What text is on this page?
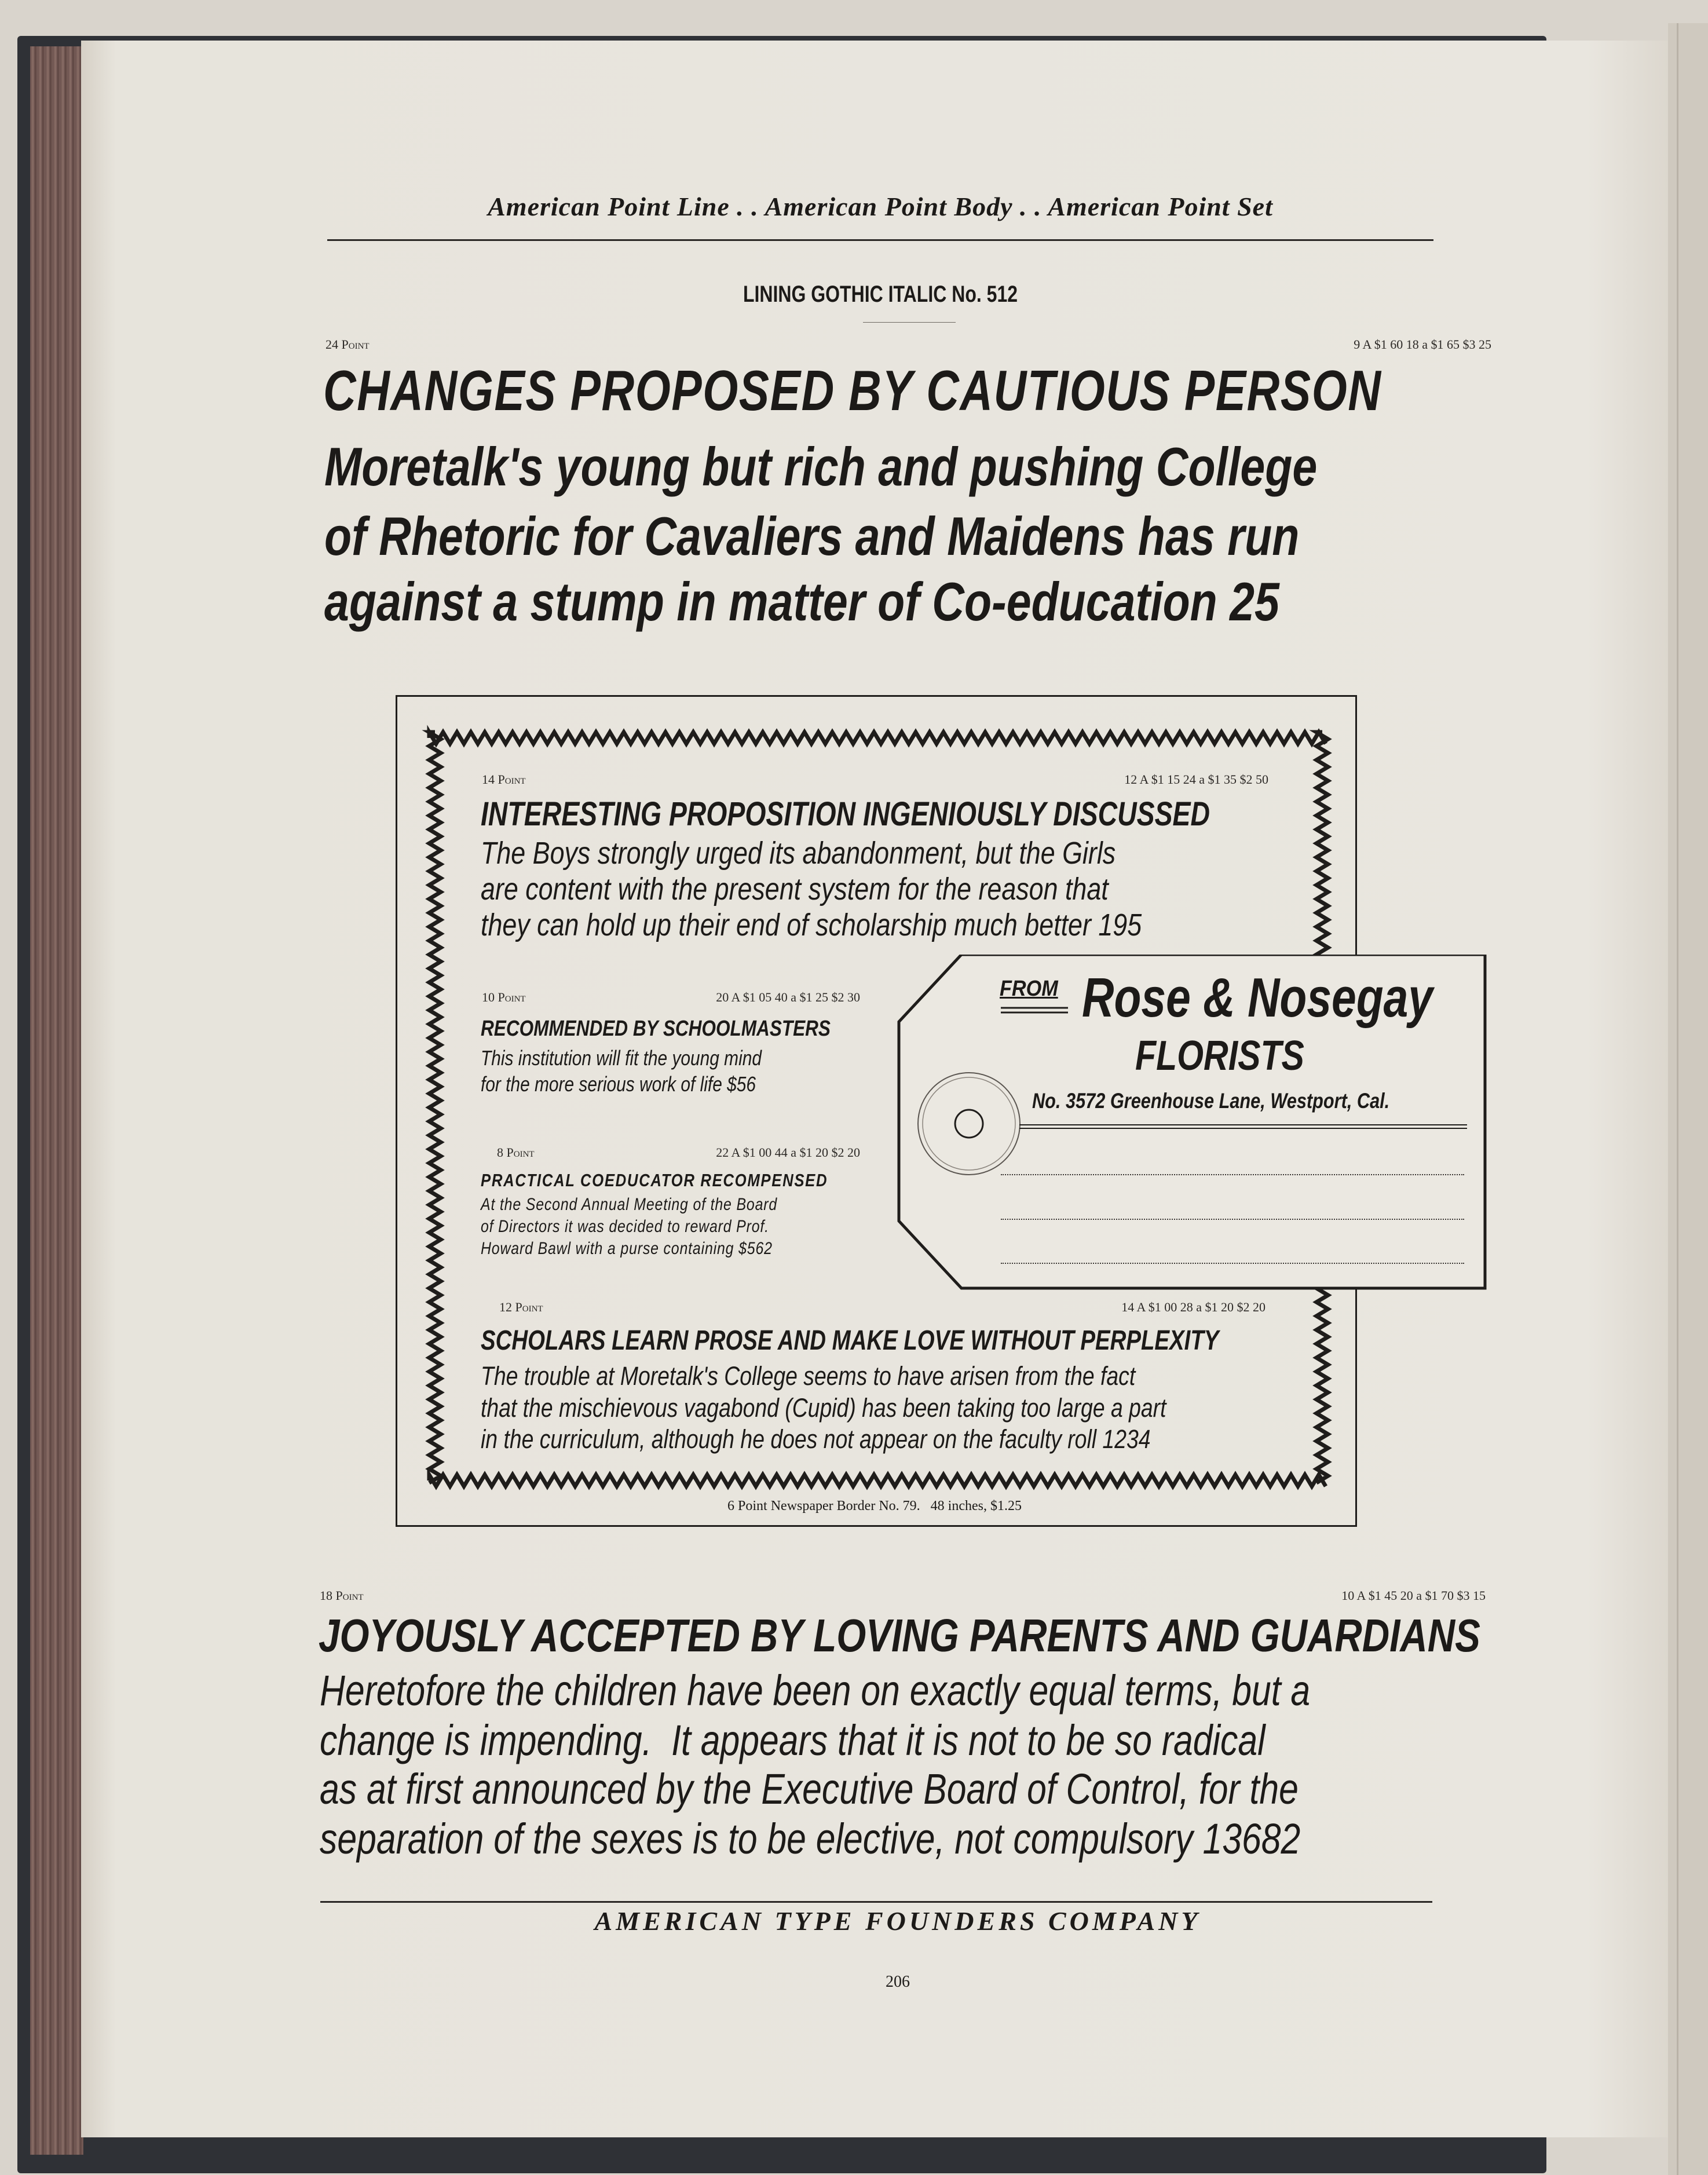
American Point Line . . American Point Body . . American Point Set
LINING GOTHIC ITALIC No. 512
24 Point	9 A $1 60 18 a $1 65 $3 25
CHANGES PROPOSED BY CAUTIOUS PERSON
Moretalk's young but rich and pushing College
of Rhetoric for Cavaliers and Maidens has run
against a stump in matter of Co-education 25
14 Point	12 A $1 15 24 a $1 35 $2 50
INTERESTING PROPOSITION INGENIOUSLY DISCUSSED
The Boys strongly urged its abandonment, but the Girls
are content with the present system for the reason that
they can hold up their end of scholarship much better 195
10 Point	20 A $1 05 40 a $1 25 $2 30
RECOMMENDED BY SCHOOLMASTERS
This institution will fit the young mind
for the more serious work of life $56
8 Point	22 A $1 00 44 a $1 20 $2 20
PRACTICAL COEDUCATOR RECOMPENSED
At the Second Annual Meeting of the Board
of Directors it was decided to reward Prof.
Howard Bawl with a purse containing $562
12 Point	14 A $1 00 28 a $1 20 $2 20
SCHOLARS LEARN PROSE AND MAKE LOVE WITHOUT PERPLEXITY
The trouble at Moretalk's College seems to have arisen from the fact
that the mischievous vagabond (Cupid) has been taking too large a part
in the curriculum, although he does not appear on the faculty roll 1234
6 Point Newspaper Border No. 79.   48 inches, $1.25
FROM Rose & Nosegay
FLORISTS
No. 3572 Greenhouse Lane, Westport, Cal.
18 Point	10 A $1 45 20 a $1 70 $3 15
JOYOUSLY ACCEPTED BY LOVING PARENTS AND GUARDIANS
Heretofore the children have been on exactly equal terms, but a
change is impending.  It appears that it is not to be so radical
as at first announced by the Executive Board of Control, for the
separation of the sexes is to be elective, not compulsory 13682
AMERICAN TYPE FOUNDERS COMPANY
206
